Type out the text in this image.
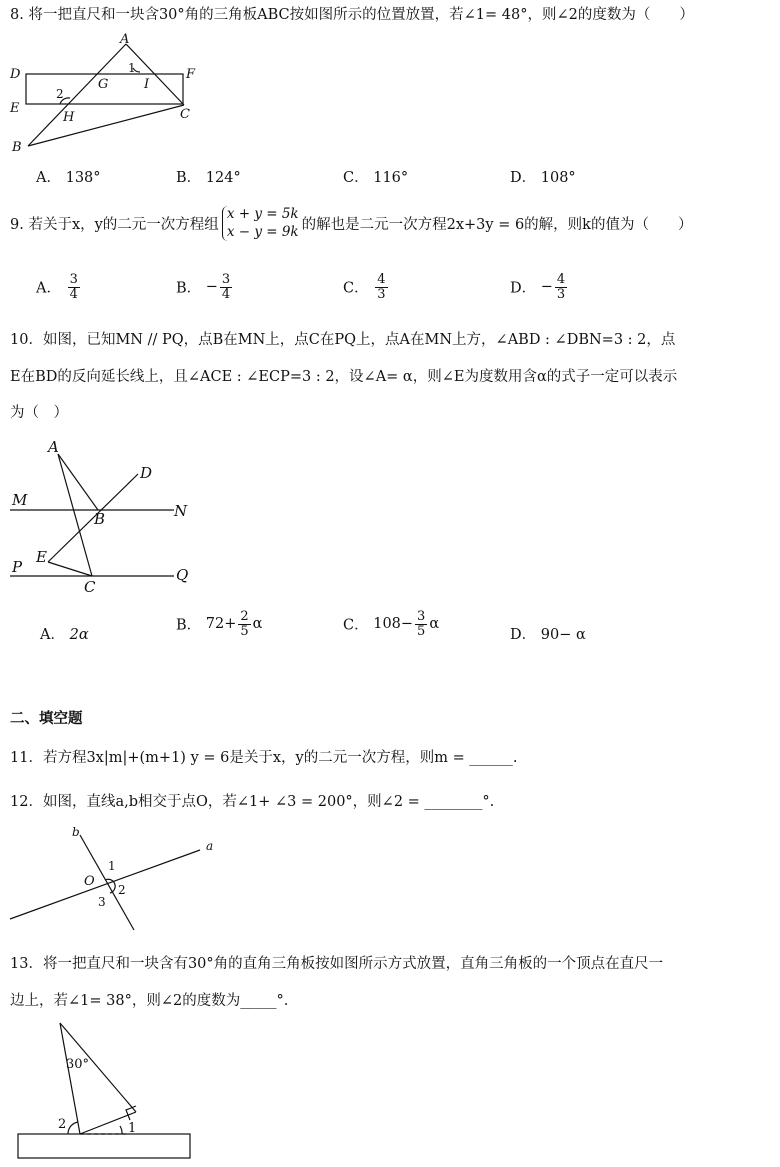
8. 将一把直尺和一块含30°角的三角板ABC按如图所示的位置放置，若∠1= 48°，则∠2的度数为（　　）
A
D	F
E
G	I
1
2
H	C
B
A． 138°	B． 124°	C． 116°	D． 108°
9. 若关于x，y的二元一次方程组
x + y = 5k
x − y = 9k 的解也是二元一次方程2x+3y = 6的解，则k的值为（　　）
A． $\frac{3}{4}$	B． − $\frac{3}{4}$	C． $\frac{4}{3}$	D． − $\frac{4}{3}$
10．如图，已知MN // PQ，点B在MN上，点C在PQ上，点A在MN上方，∠ABD : ∠DBN=3 : 2，点
E在BD的反向延长线上，且∠ACE : ∠ECP=3 : 2，设∠A= α，则∠E为度数用含α的式子一定可以表示
为（　）
A
D
M
B	N
E
P
C
Q
A． 2α
B． $72+ \frac{2}{5}$ α	C． $108- \frac{3}{5}$ α
D． 90− α
二、填空题
11．若方程3x|m|+(m+1) y = 6是关于x，y的二元一次方程，则m = ______.
12．如图，直线a,b相交于点O，若∠1+ ∠3 = 200°，则∠2 = ________°.
b
a
1
O
2
3
13．将一把直尺和一块含有30°角的直角三角板按如图所示方式放置，直角三角板的一个顶点在直尺一
边上，若∠1= 38°，则∠2的度数为_____°.
30°
2	1
